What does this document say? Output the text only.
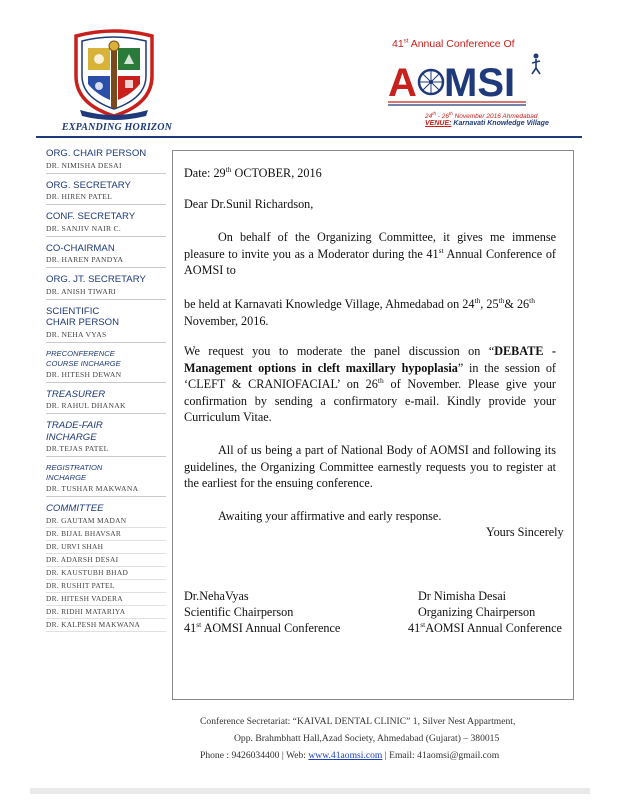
EXPANDING HORIZON
41st Annual Conference Of
A MSI
24th - 26th November 2016 Ahmedabad
VENUE: Karnavati Knowledge Village
ORG. CHAIR PERSON
DR. NIMISHA DESAI
ORG. SECRETARY
DR. HIREN PATEL
CONF. SECRETARY
DR. SANJIV NAIR C.
CO-CHAIRMAN
DR. HAREN PANDYA
ORG. JT. SECRETARY
DR. ANISH TIWARI
SCIENTIFIC
CHAIR PERSON
DR. NEHA VYAS
PRECONFERENCE
COURSE INCHARGE
DR. HITESH DEWAN
TREASURER
DR. RAHUL DHANAK
TRADE-FAIR
INCHARGE
DR.TEJAS PATEL
REGISTRATION
INCHARGE
DR. TUSHAR MAKWANA
COMMITTEE
DR. GAUTAM MADAN
DR. BIJAL BHAVSAR
DR. URVI SHAH
DR. ADARSH DESAI
DR. KAUSTUBH BHAD
DR. RUSHIT PATEL
DR. HITESH VADERA
DR. RIDHI MATARIYA
DR. KALPESH MAKWANA
Date: 29th OCTOBER, 2016
Dear Dr.Sunil Richardson,
On behalf of the Organizing Committee, it gives me immense pleasure to invite you as a Moderator during the 41st Annual Conference of AOMSI to
be held at Karnavati Knowledge Village, Ahmedabad on 24th, 25th& 26th November, 2016.
We request you to moderate the panel discussion on “DEBATE - Management options in cleft maxillary hypoplasia” in the session of ‘CLEFT & CRANIOFACIAL’ on 26th of November. Please give your confirmation by sending a confirmatory e-mail. Kindly provide your Curriculum Vitae.
All of us being a part of National Body of AOMSI and following its guidelines, the Organizing Committee earnestly requests you to register at the earliest for the ensuing conference.
Awaiting your affirmative and early response.
Yours Sincerely
Dr.NehaVyas
Scientific Chairperson
41st AOMSI Annual Conference
Dr Nimisha Desai
Organizing Chairperson
41stAOMSI Annual Conference
Conference Secretariat: “KAIVAL DENTAL CLINIC” 1, Silver Nest Appartment,
Opp. Brahmbhatt Hall,Azad Society, Ahmedabad (Gujarat) – 380015
Phone : 9426034400 | Web: www.41aomsi.com | Email: 41aomsi@gmail.com
